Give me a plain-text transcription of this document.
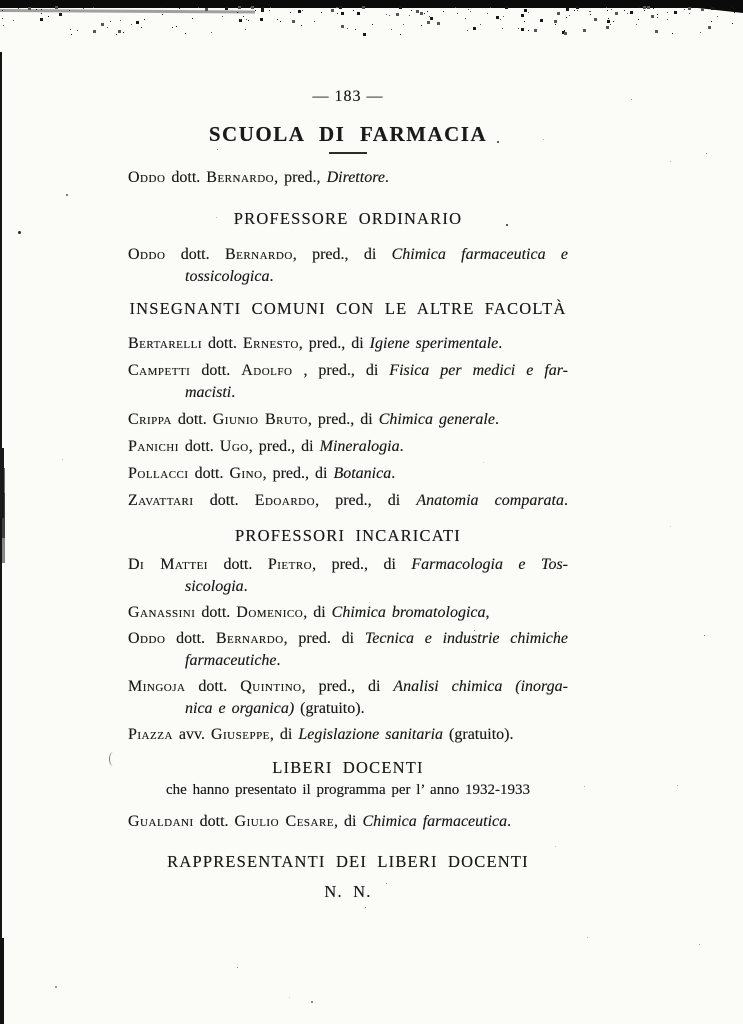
— 183 —
SCUOLA DI FARMACIA
Oddo dott. Bernardo, pred., Direttore.
PROFESSORE ORDINARIO
Oddo dott. Bernardo, pred., di Chimica farmaceutica e
tossicologica.
INSEGNANTI COMUNI CON LE ALTRE FACOLTÀ
Bertarelli dott. Ernesto, pred., di Igiene sperimentale.
Campetti dott. Adolfo , pred., di Fisica per medici e far-
macisti.
Crippa dott. Giunio Bruto, pred., di Chimica generale.
Panichi dott. Ugo, pred., di Mineralogia.
Pollacci dott. Gino, pred., di Botanica.
Zavattari dott. Edoardo, pred., di Anatomia comparata.
PROFESSORI INCARICATI
Di Mattei dott. Pietro, pred., di Farmacologia e Tos-
sicologia.
Ganassini dott. Domenico, di Chimica bromatologica,
Oddo dott. Bernardo, pred. di Tecnica e industrie chimiche
farmaceutiche.
Mingoja dott. Quintino, pred., di Analisi chimica (inorga-
nica e organica) (gratuito).
Piazza avv. Giuseppe, di Legislazione sanitaria (gratuito).
LIBERI DOCENTI
che hanno presentato il programma per l’ anno 1932-1933
Gualdani dott. Giulio Cesare, di Chimica farmaceutica.
RAPPRESENTANTI DEI LIBERI DOCENTI
N. N.
